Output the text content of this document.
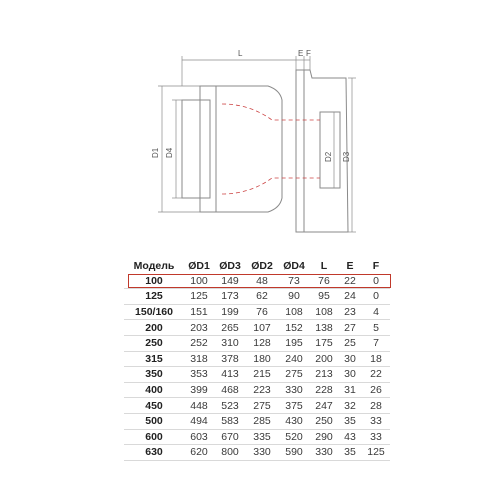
L	E F
D1 D4	D2 D3
Модель	ØD1	ØD3	ØD2	ØD4	L	E	F
100	100	149	48	73	76	22	0
125	125	173	62	90	95	24	0
150/160	151	199	76	108	108	23	4
200	203	265	107	152	138	27	5
250	252	310	128	195	175	25	7
315	318	378	180	240	200	30	18
350	353	413	215	275	213	30	22
400	399	468	223	330	228	31	26
450	448	523	275	375	247	32	28
500	494	583	285	430	250	35	33
600	603	670	335	520	290	43	33
630	620	800	330	590	330	35	125
